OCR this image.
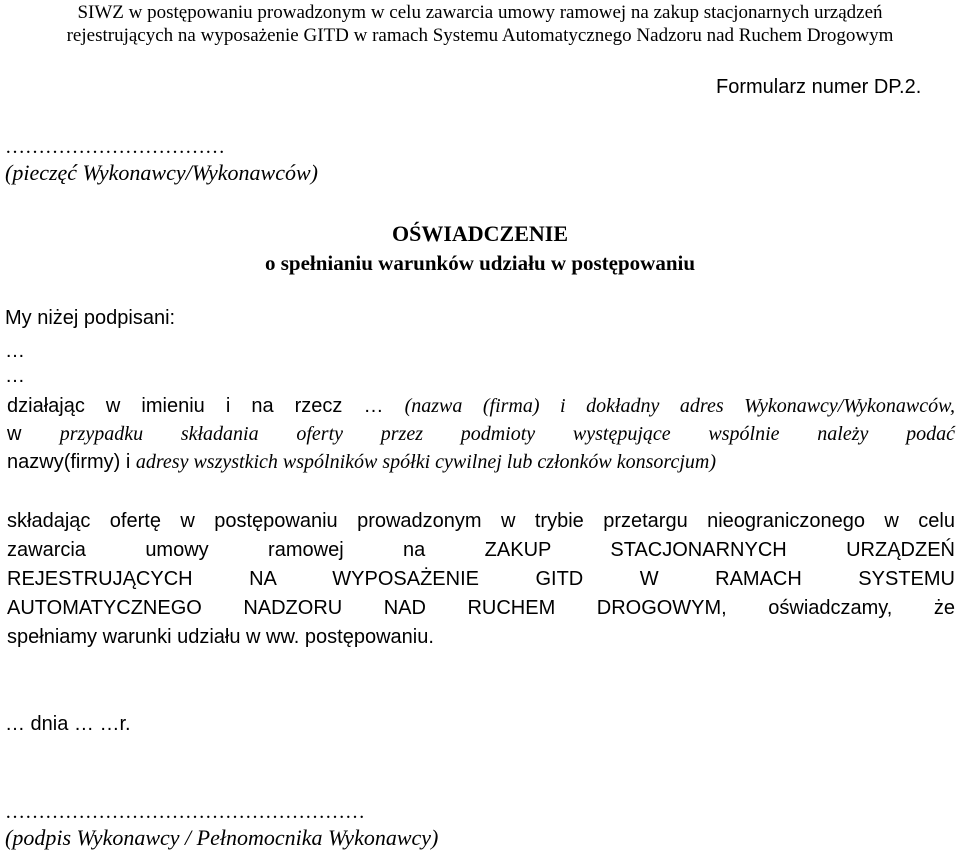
SIWZ w postępowaniu prowadzonym w celu zawarcia umowy ramowej na zakup stacjonarnych urządzeń
rejestrujących na wyposażenie GITD w ramach Systemu Automatycznego Nadzoru nad Ruchem Drogowym
Formularz numer DP.2.
……………………………
(pieczęć Wykonawcy/Wykonawców)
OŚWIADCZENIE
o spełnianiu warunków udziału w postępowaniu
My niżej podpisani:
…
…
działając w imieniu i na rzecz … (nazwa (firma) i dokładny adres Wykonawcy/Wykonawców,
w przypadku składania oferty przez podmioty występujące wspólnie należy podać
nazwy(firmy) i adresy wszystkich wspólników spółki cywilnej lub członków konsorcjum)
składając ofertę w postępowaniu prowadzonym w trybie przetargu nieograniczonego w celu
zawarcia umowy ramowej na ZAKUP STACJONARNYCH URZĄDZEŃ
REJESTRUJĄCYCH NA WYPOSAŻENIE GITD W RAMACH SYSTEMU
AUTOMATYCZNEGO NADZORU NAD RUCHEM DROGOWYM, oświadczamy, że
spełniamy warunki udziału w ww. postępowaniu.
… dnia … …r.
………………………………………………
(podpis Wykonawcy / Pełnomocnika Wykonawcy)
